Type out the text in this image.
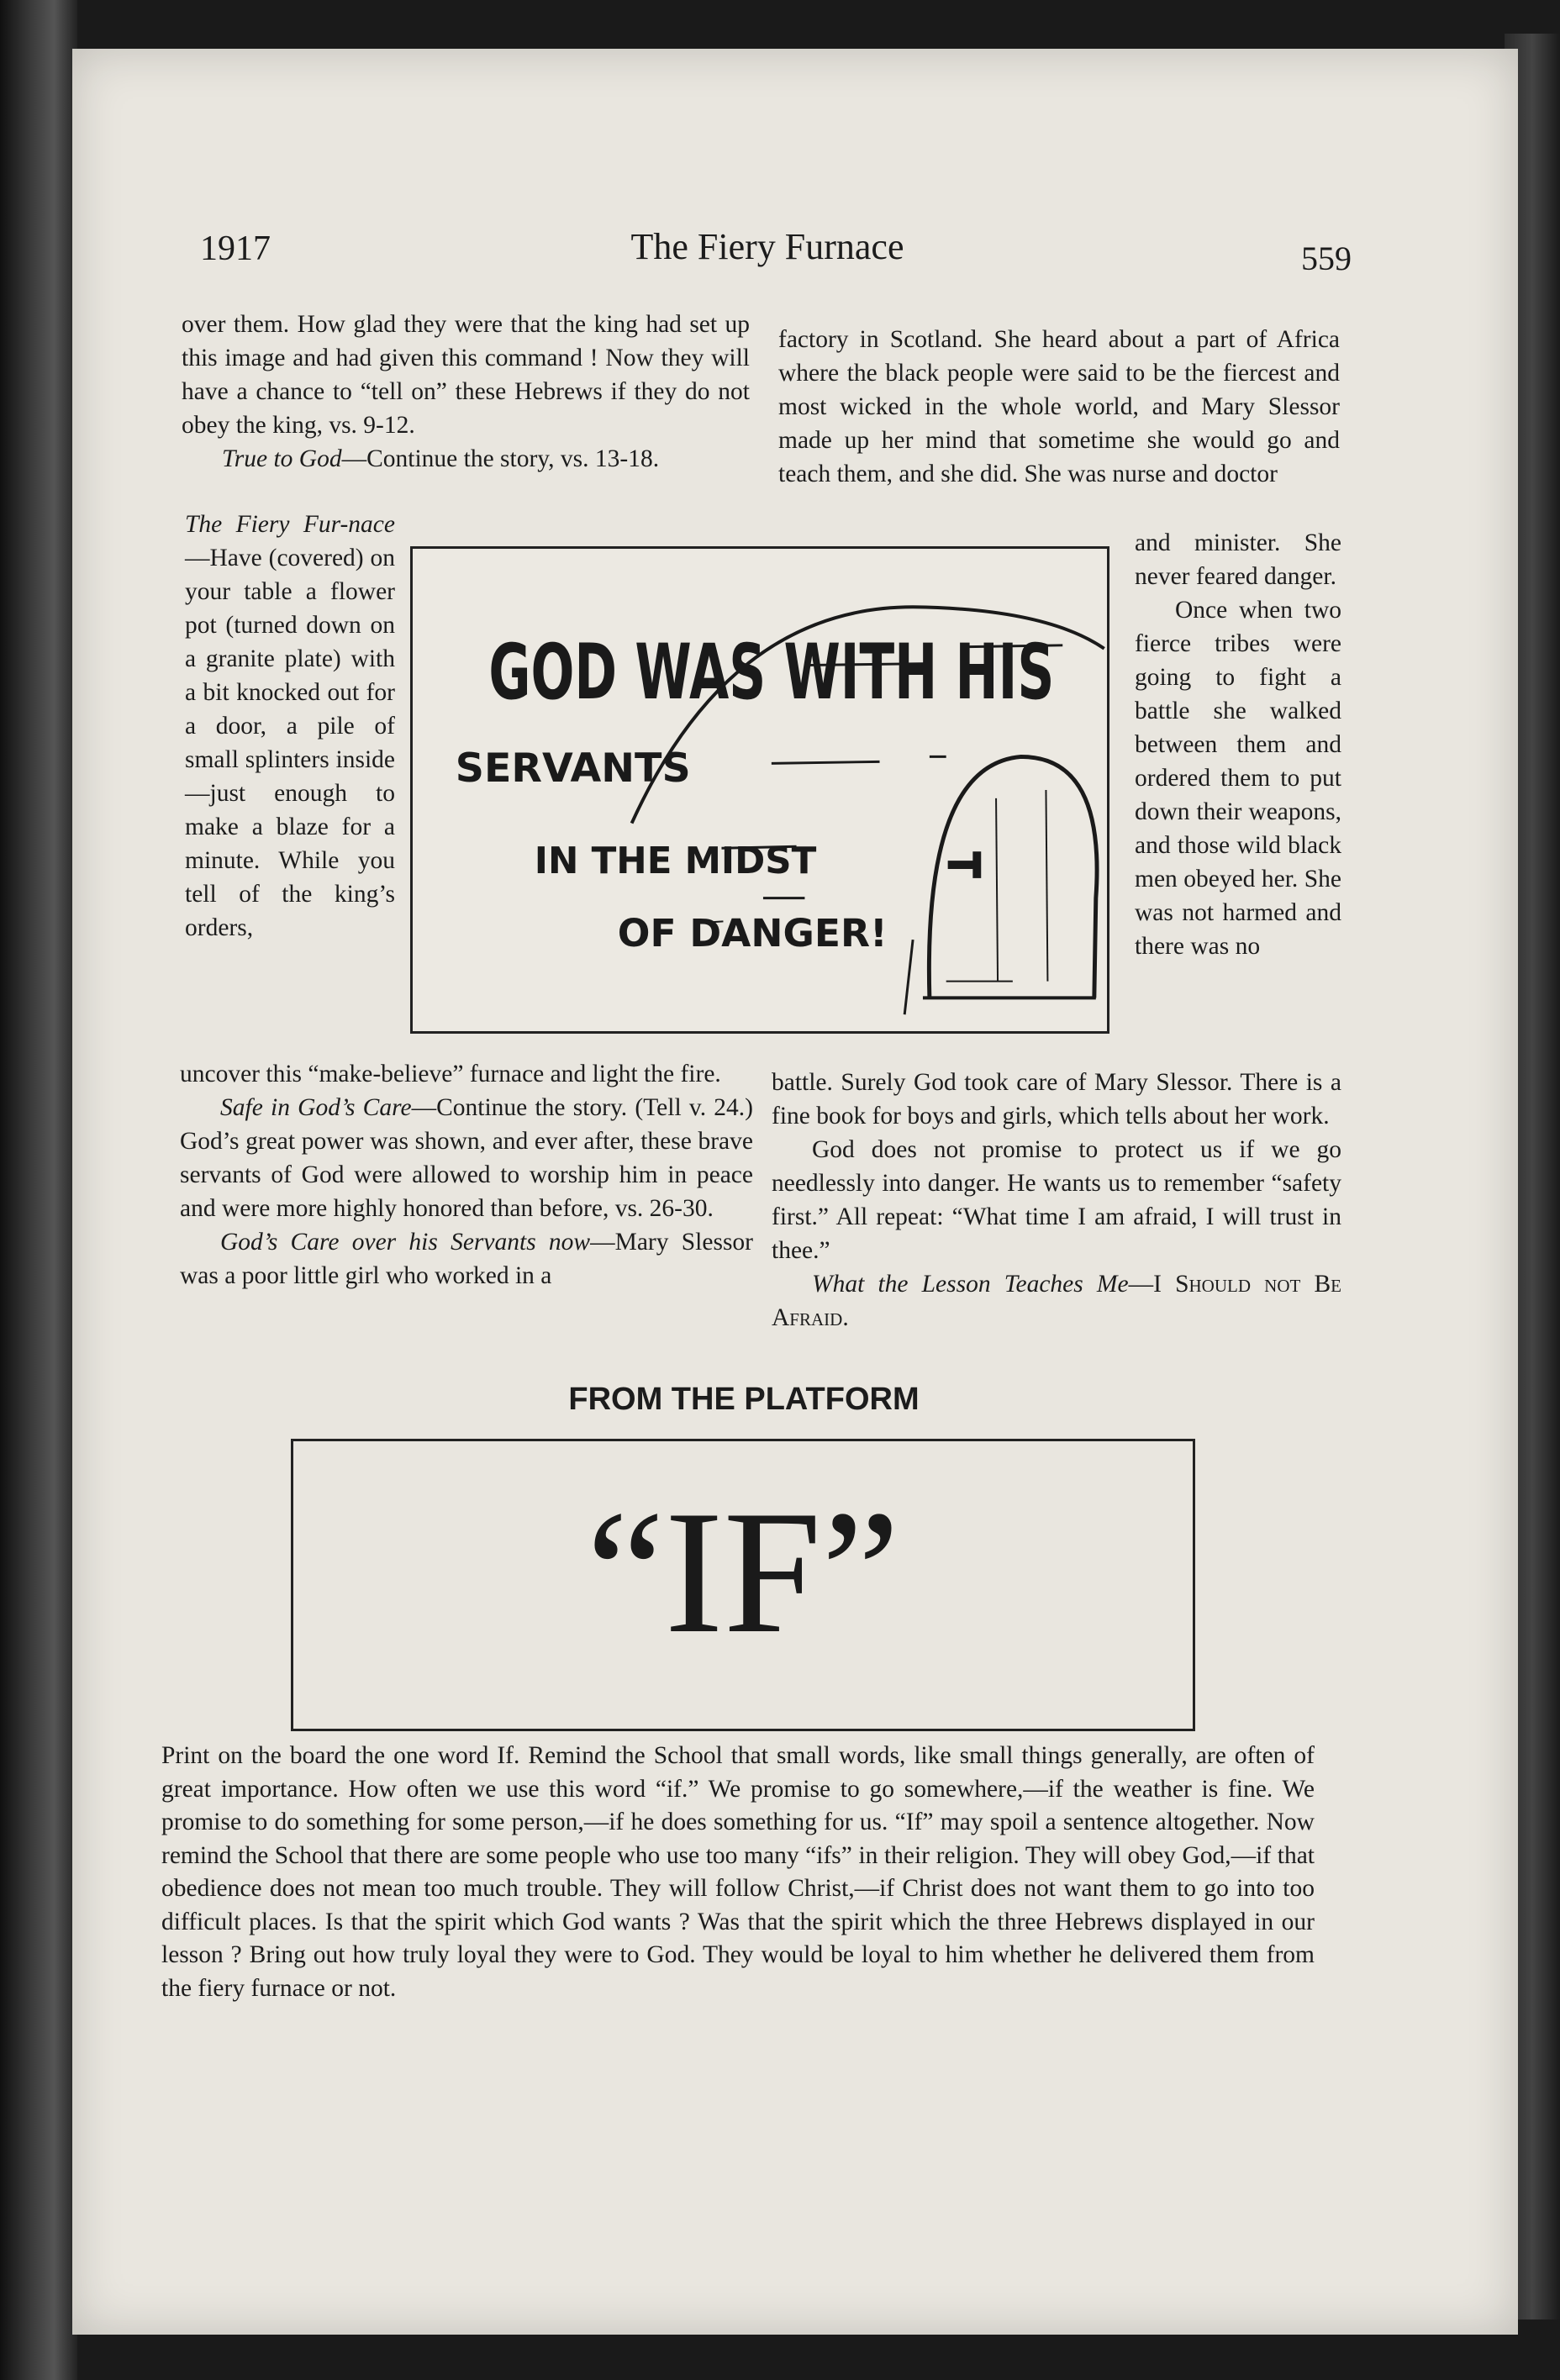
1917	The Fiery Furnace	559

over them. How glad they were that the king had set up this image and had given this command ! Now they will have a chance to “tell on” these Hebrews if they do not obey the king, vs. 9-12.

True to God—Continue the story, vs. 13-18.

The Fiery Fur-nace—Have (covered) on your table a flower pot (turned down on a granite plate) with a bit knocked out for a door, a pile of small splinters inside —just enough to make a blaze for a minute. While you tell of the king’s orders,

factory in Scotland. She heard about a part of Africa where the black people were said to be the fiercest and most wicked in the whole world, and Mary Slessor made up her mind that sometime she would go and teach them, and she did. She was nurse and doctor

and minister. She never feared danger.

Once when two fierce tribes were going to fight a battle she walked between them and ordered them to put down their weapons, and those wild black men obeyed her. She was not harmed and there was no

GOD WAS WITH HIS
SERVANTS
IN THE MIDST
OF DANGER!

uncover this “make-believe” furnace and light the fire.

Safe in God’s Care—Continue the story. (Tell v. 24.) God’s great power was shown, and ever after, these brave servants of God were allowed to worship him in peace and were more highly honored than before, vs. 26-30.

God’s Care over his Servants now—Mary Slessor was a poor little girl who worked in a

battle. Surely God took care of Mary Slessor. There is a fine book for boys and girls, which tells about her work.

God does not promise to protect us if we go needlessly into danger. He wants us to remember “safety first.” All repeat: “What time I am afraid, I will trust in thee.”

What the Lesson Teaches Me—I Should not Be Afraid.

FROM THE PLATFORM
“IF”
Print on the board the one word If. Remind the School that small words, like small things generally, are often of great importance. How often we use this word “if.” We promise to go somewhere,—if the weather is fine. We promise to do something for some person,—if he does something for us. “If” may spoil a sentence altogether. Now remind the School that there are some people who use too many “ifs” in their religion. They will obey God,—if that obedience does not mean too much trouble. They will follow Christ,—if Christ does not want them to go into too difficult places. Is that the spirit which God wants ? Was that the spirit which the three Hebrews displayed in our lesson ? Bring out how truly loyal they were to God. They would be loyal to him whether he delivered them from the fiery furnace or not.
